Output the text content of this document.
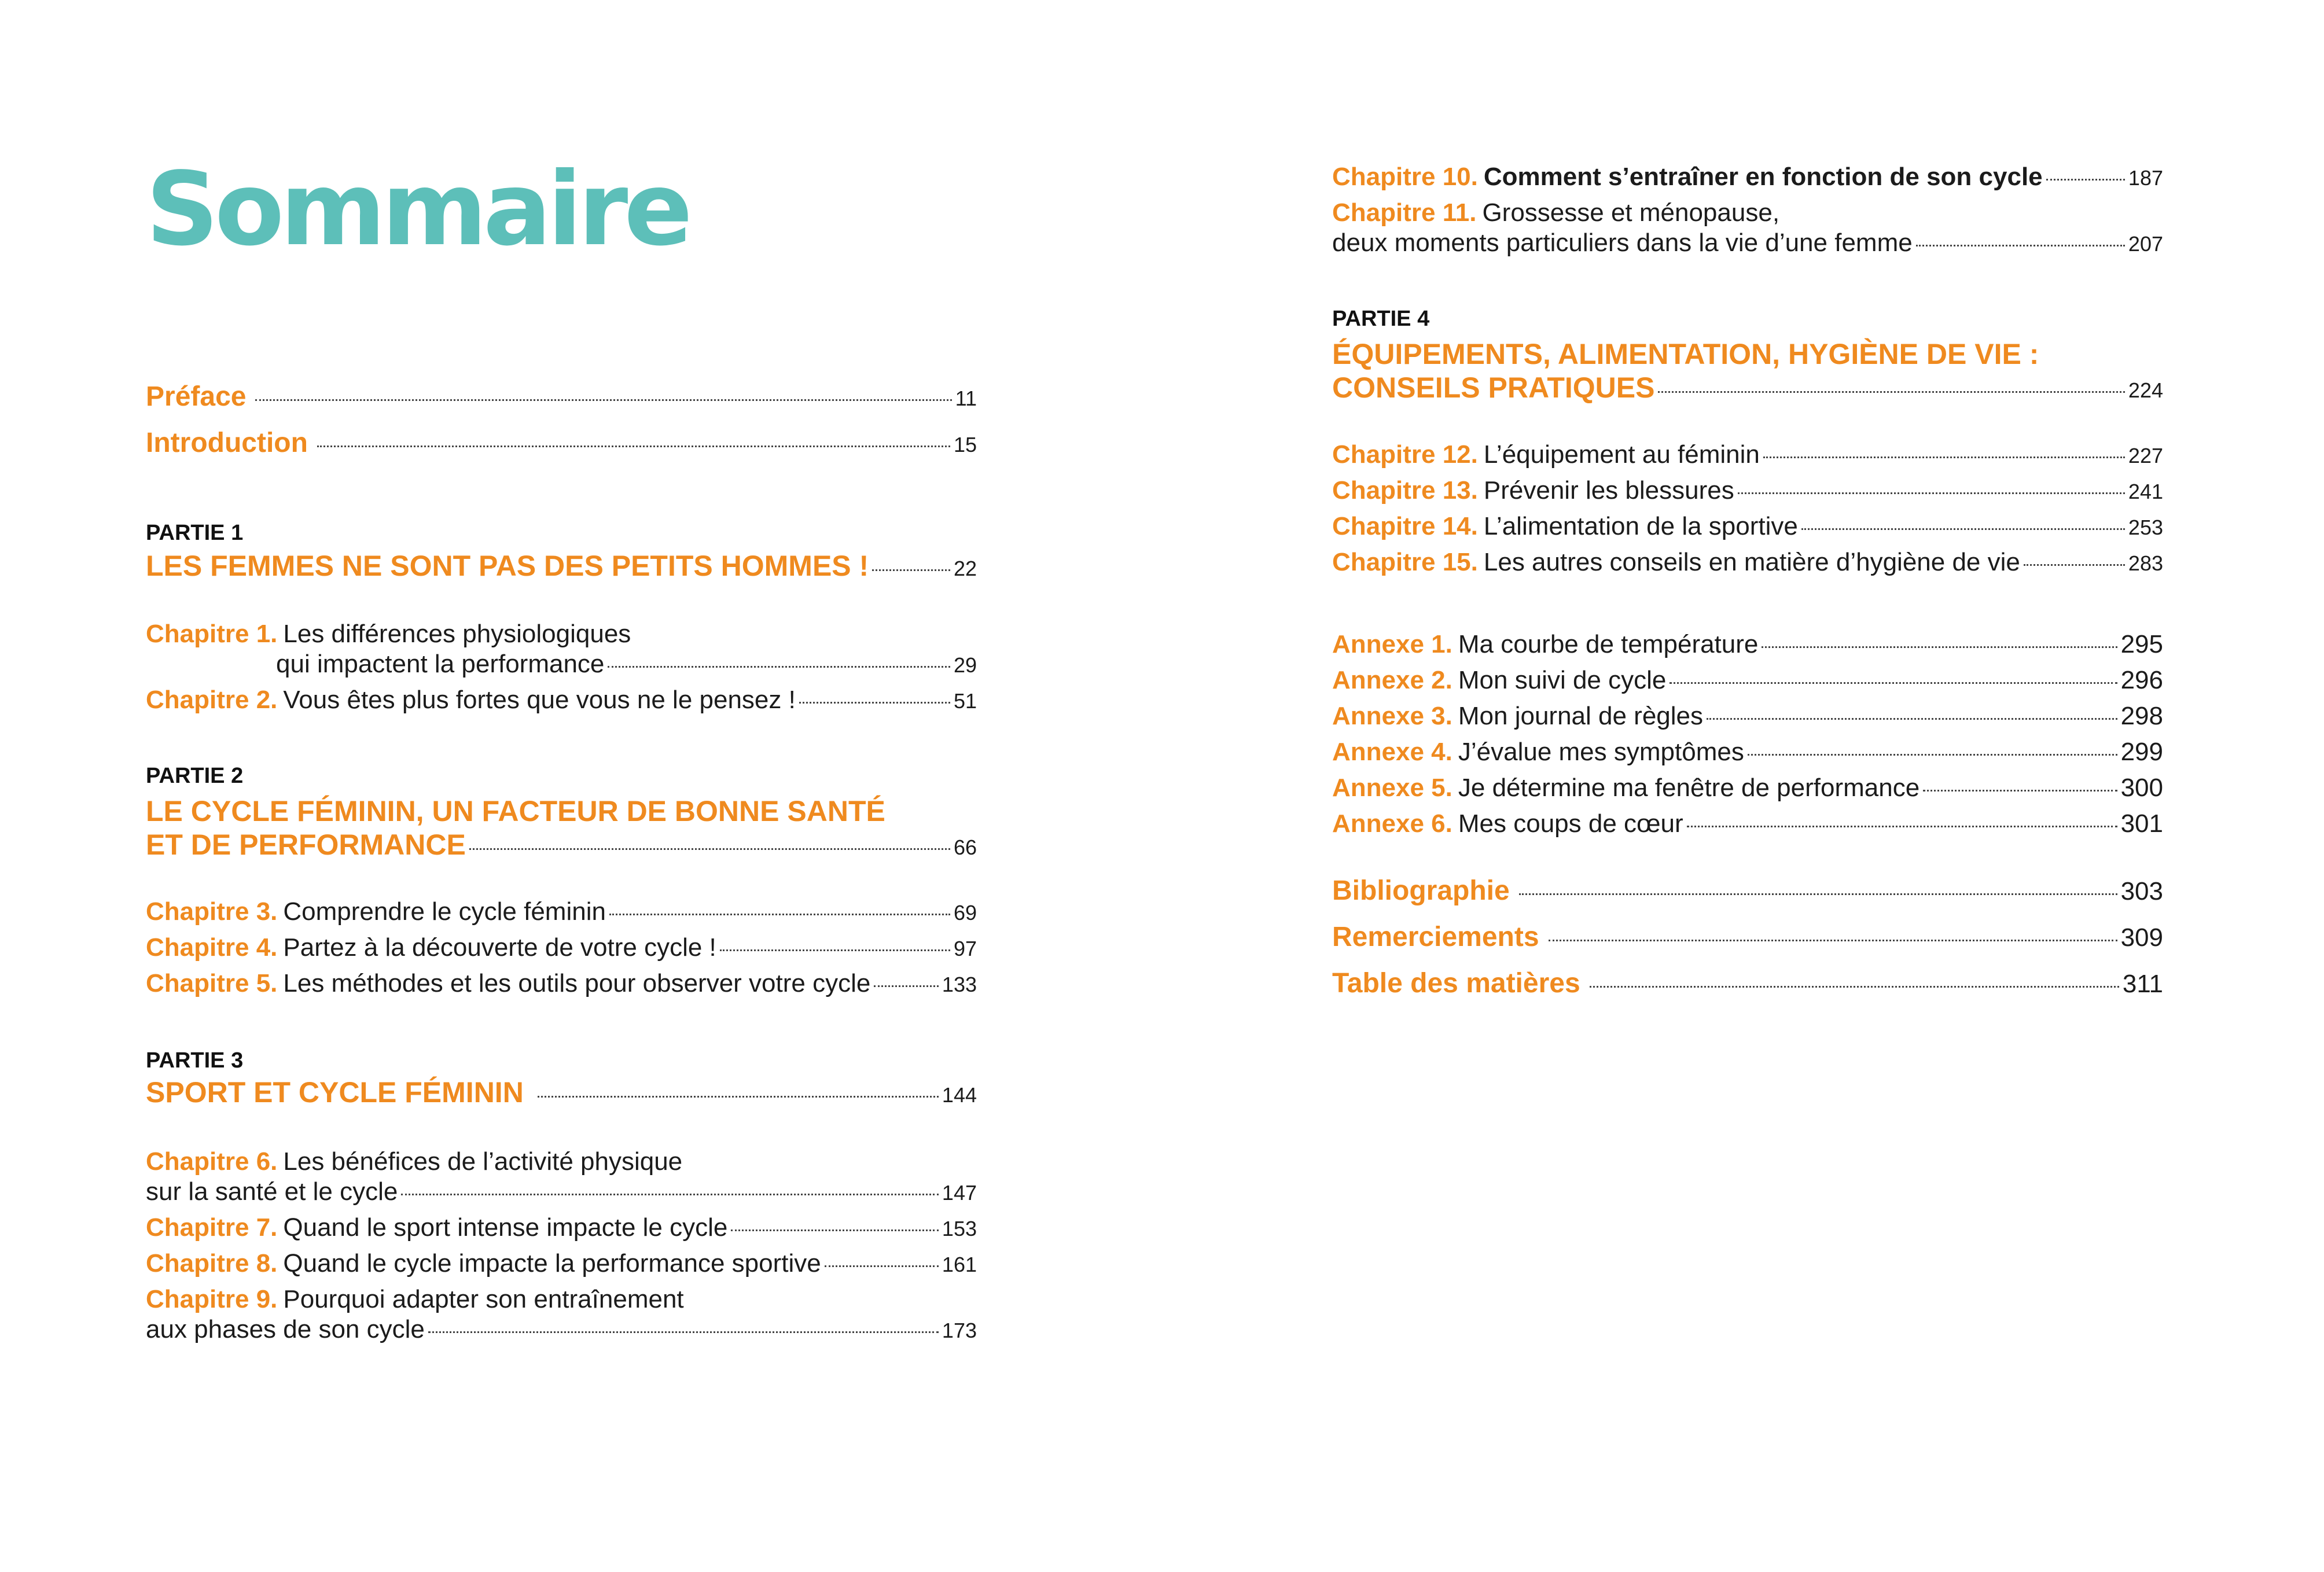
Sommaire
Préface	11
Introduction	15
PARTIE 1
LES FEMMES NE SONT PAS DES PETITS HOMMES !	22
Chapitre 1. Les différences physiologiques
qui impactent la performance	29
Chapitre 2. Vous êtes plus fortes que vous ne le pensez !	51
PARTIE 2
LE CYCLE FÉMININ, UN FACTEUR DE BONNE SANTÉ
ET DE PERFORMANCE	66
Chapitre 3. Comprendre le cycle féminin	69
Chapitre 4. Partez à la découverte de votre cycle !	97
Chapitre 5. Les méthodes et les outils pour observer votre cycle	133
PARTIE 3
SPORT ET CYCLE FÉMININ	144
Chapitre 6. Les bénéfices de l’activité physique
sur la santé et le cycle	147
Chapitre 7. Quand le sport intense impacte le cycle	153
Chapitre 8. Quand le cycle impacte la performance sportive	161
Chapitre 9. Pourquoi adapter son entraînement
aux phases de son cycle	173
Chapitre 10. Comment s’entraîner en fonction de son cycle	187
Chapitre 11. Grossesse et ménopause,
deux moments particuliers dans la vie d’une femme	207
PARTIE 4
ÉQUIPEMENTS, ALIMENTATION, HYGIÈNE DE VIE :
CONSEILS PRATIQUES	224
Chapitre 12. L’équipement au féminin	227
Chapitre 13. Prévenir les blessures	241
Chapitre 14. L’alimentation de la sportive	253
Chapitre 15. Les autres conseils en matière d’hygiène de vie	283
Annexe 1. Ma courbe de température	295
Annexe 2. Mon suivi de cycle	296
Annexe 3. Mon journal de règles	298
Annexe 4. J’évalue mes symptômes	299
Annexe 5. Je détermine ma fenêtre de performance	300
Annexe 6. Mes coups de cœur	301
Bibliographie	303
Remerciements	309
Table des matières	311
